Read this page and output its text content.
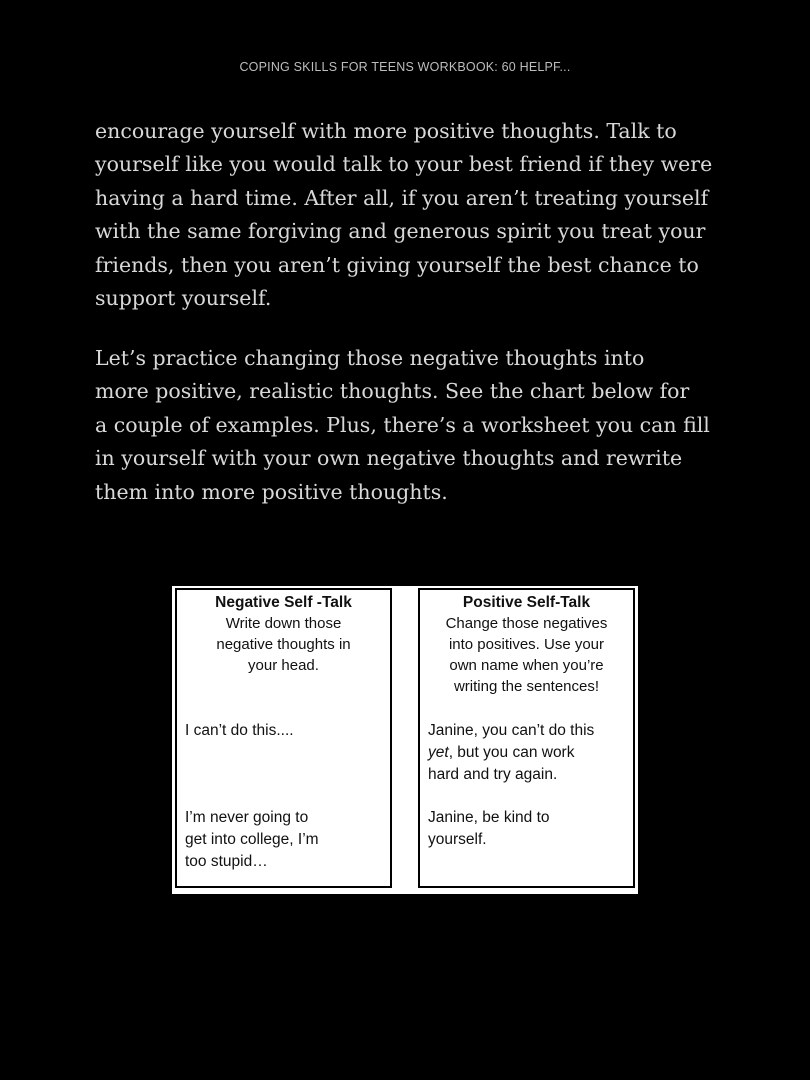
COPING SKILLS FOR TEENS WORKBOOK: 60 HELPF...

encourage yourself with more positive thoughts. Talk to
yourself like you would talk to your best friend if they were
having a hard time. After all, if you aren’t treating yourself
with the same forgiving and generous spirit you treat your
friends, then you aren’t giving yourself the best chance to
support yourself.

Let’s practice changing those negative thoughts into
more positive, realistic thoughts. See the chart below for
a couple of examples. Plus, there’s a worksheet you can fill
in yourself with your own negative thoughts and rewrite
them into more positive thoughts.

Negative Self -Talk
Write down those
negative thoughts in
your head.
I can’t do this....
I’m never going to
get into college, I’m
too stupid…
Positive Self-Talk
Change those negatives
into positives. Use your
own name when you’re
writing the sentences!
Janine, you can’t do this
yet, but you can work
hard and try again.
Janine, be kind to
yourself.
